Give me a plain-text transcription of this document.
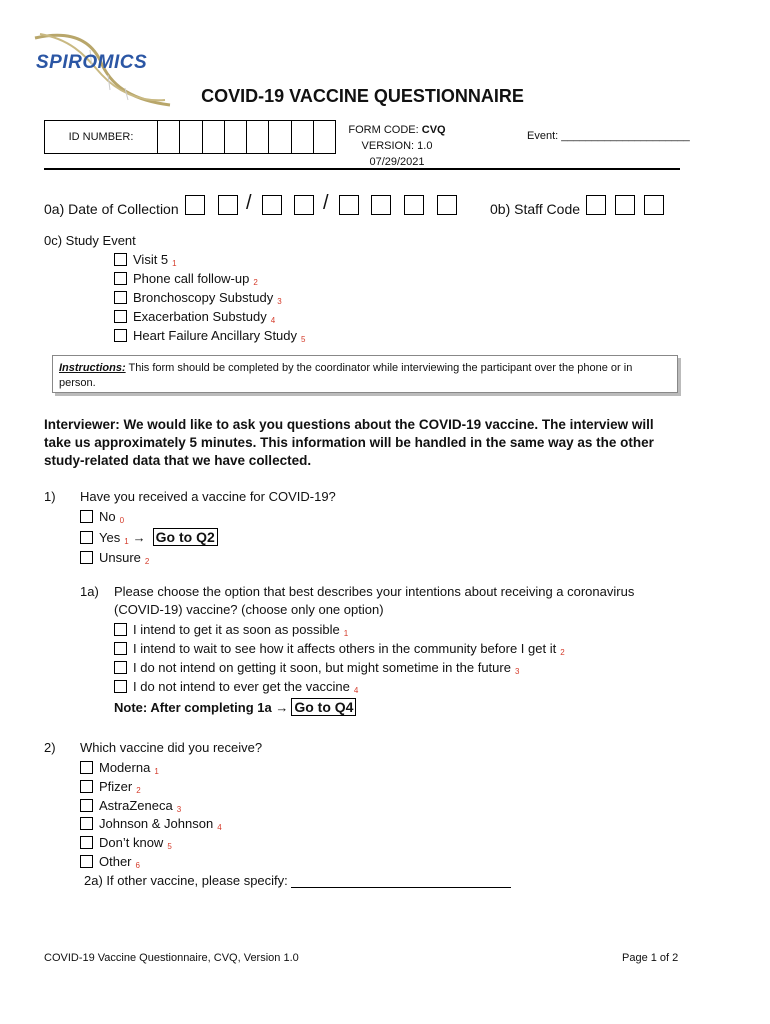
SPIROMICS
COVID-19 VACCINE QUESTIONNAIRE
ID NUMBER:
FORM CODE: CVQ
VERSION: 1.0 07/29/2021
Event: _____________________
0a) Date of Collection	/	/	0b) Staff Code
0c) Study Event
Visit 5 1
Phone call follow-up 2
Bronchoscopy Substudy 3
Exacerbation Substudy 4
Heart Failure Ancillary Study 5
Instructions: This form should be completed by the coordinator while interviewing the participant over the phone or in person.
Interviewer: We would like to ask you questions about the COVID-19 vaccine. The interview will take us approximately 5 minutes. This information will be handled in the same way as the other study-related data that we have collected.
1) Have you received a vaccine for COVID-19?
No 0
Yes 1 → Go to Q2
Unsure 2
1a) Please choose the option that best describes your intentions about receiving a coronavirus
(COVID-19) vaccine? (choose only one option)
I intend to get it as soon as possible 1
I intend to wait to see how it affects others in the community before I get it 2
I do not intend on getting it soon, but might sometime in the future 3
I do not intend to ever get the vaccine 4
Note: After completing 1a → Go to Q4
2) Which vaccine did you receive?
Moderna 1
Pfizer 2
AstraZeneca 3
Johnson & Johnson 4
Don’t know 5
Other 6
2a) If other vaccine, please specify:
COVID-19 Vaccine Questionnaire, CVQ, Version 1.0	Page 1 of 2
